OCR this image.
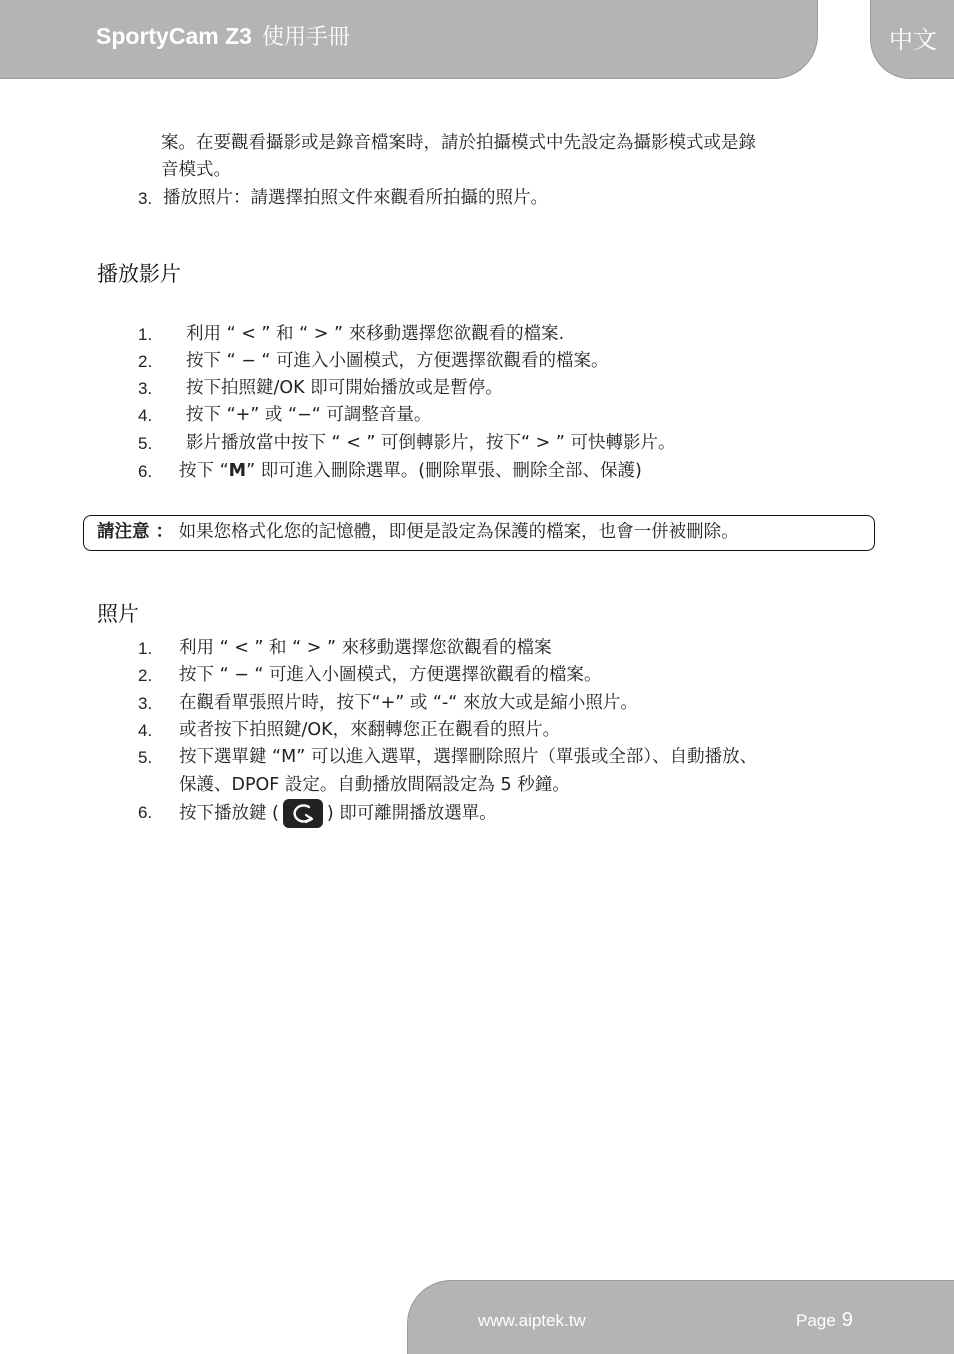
SportyCam Z3 使用手冊	中文
案。在要觀看攝影或是錄音檔案時，請於拍攝模式中先設定為攝影模式或是錄
音模式。
3. 播放照片：請選擇拍照文件來觀看所拍攝的照片。
播放影片
1. 利用 “ < ” 和 “ > ” 來移動選擇您欲觀看的檔案.
2. 按下 “ − “ 可進入小圖模式，方便選擇欲觀看的檔案。
3. 按下拍照鍵/OK 即可開始播放或是暫停。
4. 按下 “+” 或 “−“ 可調整音量。
5. 影片播放當中按下 “ < ” 可倒轉影片，按下“ > ” 可快轉影片。
6. 按下 “M” 即可進入刪除選單。(刪除單張、刪除全部、保護)
請注意 ： 如果您格式化您的記憶體，即便是設定為保護的檔案，也會一併被刪除。
照片
1. 利用 “ < ” 和 “ > ” 來移動選擇您欲觀看的檔案
2. 按下 “ − “ 可進入小圖模式，方便選擇欲觀看的檔案。
3. 在觀看單張照片時，按下“+” 或 “-“ 來放大或是縮小照片。
4. 或者按下拍照鍵/OK，來翻轉您正在觀看的照片。
5. 按下選單鍵 “M” 可以進入選單，選擇刪除照片（單張或全部）、自動播放、
保護、DPOF 設定。自動播放間隔設定為 5 秒鐘。
6. 按下播放鍵 (	) 即可離開播放選單。
www.aiptek.tw	Page 9
